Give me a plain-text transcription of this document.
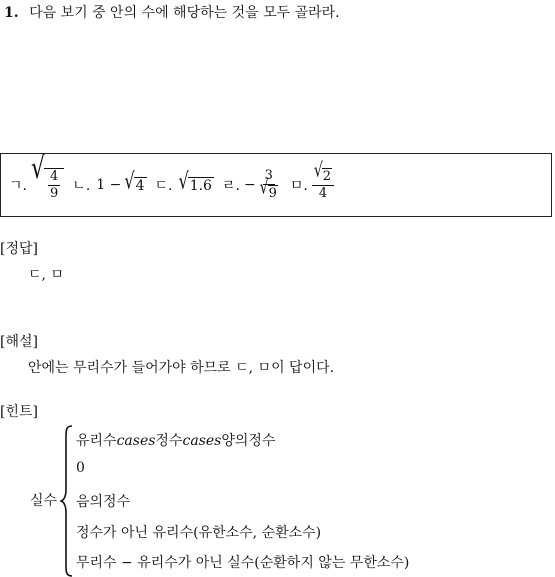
1. 다음 보기 중 안의 수에 해당하는 것을 모두 골라라.
ㄱ. √ $\frac{4}{9}$ ㄴ. 1 − √ 4 ㄷ. √ 1.6 ㄹ. − $\frac{3}{√ 9}$ ㅁ. $\frac{√ 2}{4}$
[정답]
ㄷ, ㅁ
[해설]
안에는 무리수가 들어가야 하므로 ㄷ, ㅁ이 답이다.
[힌트]
실수
유리수cases정수cases양의정수
0
음의정수
정수가 아닌 유리수(유한소수, 순환소수)
무리수 − 유리수가 아닌 실수(순환하지 않는 무한소수)
